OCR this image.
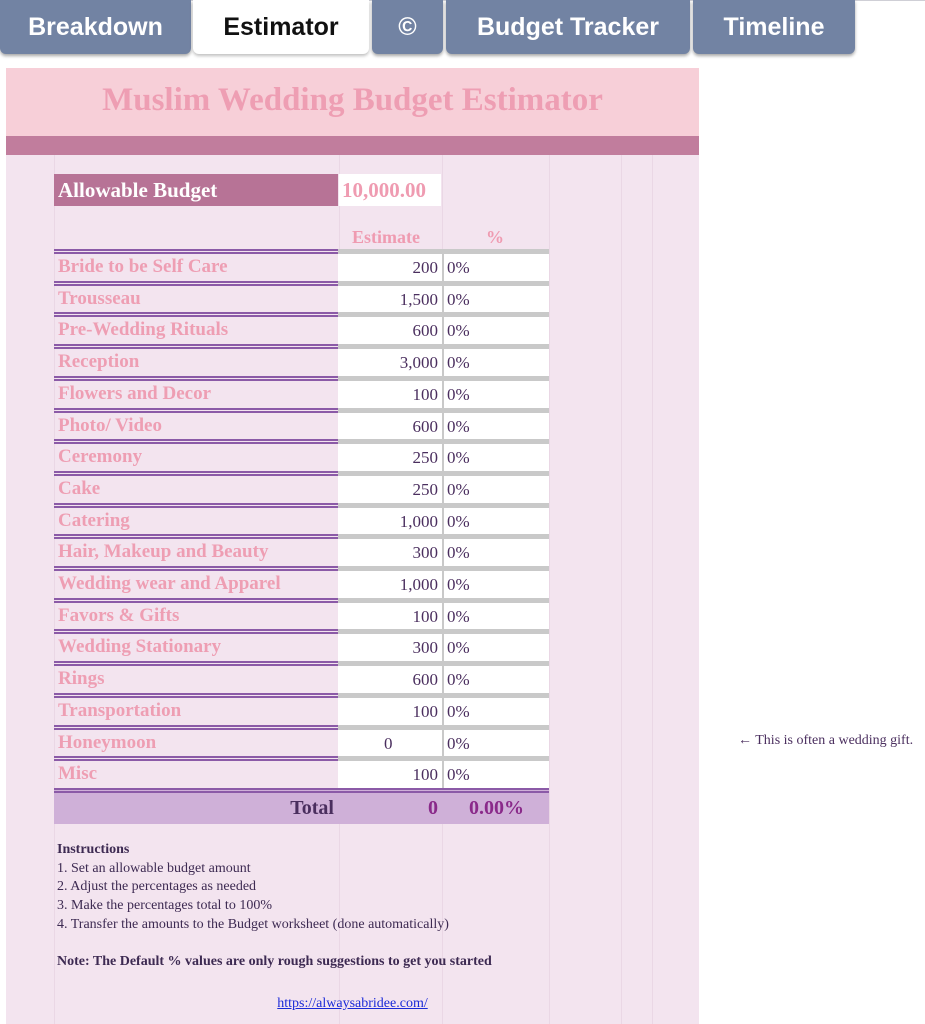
Breakdown	Estimator	©	Budget Tracker	Timeline
Muslim Wedding Budget Estimator
Allowable Budget	10,000.00
Estimate	%
Bride to be Self Care	200 0%
Trousseau	1,500 0%
Pre-Wedding Rituals	600 0%
Reception	3,000 0%
Flowers and Decor	100 0%
Photo/ Video	600 0%
Ceremony	250 0%
Cake	250 0%
Catering	1,000 0%
Hair, Makeup and Beauty	300 0%
Wedding wear and Apparel	1,000 0%
Favors & Gifts	100 0%
Wedding Stationary	300 0%
Rings	600 0%
Transportation	100 0%
Honeymoon	0	0%
Misc	100 0%
Total	0	0.00%
Instructions
1. Set an allowable budget amount
2. Adjust the percentages as needed
3. Make the percentages total to 100%
4. Transfer the amounts to the Budget worksheet (done automatically)
Note: The Default % values are only rough suggestions to get you started
https://alwaysabridee.com/
← This is often a wedding gift.
